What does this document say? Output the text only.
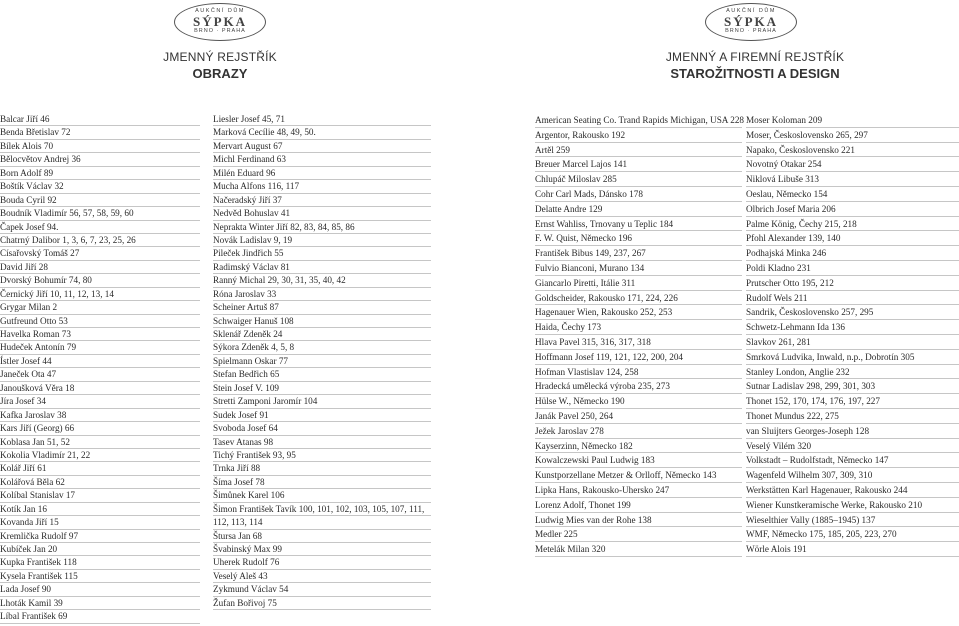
AUKČNÍ DŮM
SÝPKA
BRNO · PRAHA
AUKČNÍ DŮM
SÝPKA
BRNO · PRAHA
JMENNÝ REJSTŘÍK
OBRAZY
JMENNÝ A FIREMNÍ REJSTŘÍK
STAROŽITNOSTI A DESIGN
Balcar Jiří 46
Benda Břetislav 72
Bílek Alois 70
Bělocvětov Andrej 36
Born Adolf 89
Boštík Václav 32
Bouda Cyril 92
Boudník Vladimír 56, 57, 58, 59, 60
Čapek Josef 94.
Chatrný Dalibor 1, 3, 6, 7, 23, 25, 26
Císařovský Tomáš 27
David Jiří 28
Dvorský Bohumír 74, 80
Černický Jiří 10, 11, 12, 13, 14
Grygar Milan 2
Gutfreund Otto 53
Havelka Roman 73
Hudeček Antonín 79
Ístler Josef 44
Janeček Ota 47
Janoušková Věra 18
Jíra Josef 34
Kafka Jaroslav 38
Kars Jiří (Georg) 66
Koblasa Jan 51, 52
Kokolia Vladimír 21, 22
Kolář Jiří 61
Kolářová Běla 62
Kolíbal Stanislav 17
Kotík Jan 16
Kovanda Jiří 15
Kremlička Rudolf 97
Kubíček Jan 20
Kupka František 118
Kysela František 115
Lada Josef 90
Lhoták Kamil 39
Líbal František 69
Liesler Josef 45, 71
Marková Cecílie 48, 49, 50.
Mervart August 67
Michl Ferdinand 63
Milén Eduard 96
Mucha Alfons 116, 117
Načeradský Jiří 37
Nedvěd Bohuslav 41
Neprakta Winter Jiří 82, 83, 84, 85, 86
Novák Ladislav 9, 19
Pileček Jindřich 55
Radimský Václav 81
Ranný Michal 29, 30, 31, 35, 40, 42
Róna Jaroslav 33
Scheiner Artuš 87
Schwaiger Hanuš 108
Sklenář Zdeněk 24
Sýkora Zdeněk 4, 5, 8
Spielmann Oskar 77
Stefan Bedřich 65
Stein Josef V. 109
Stretti Zamponi Jaromír 104
Sudek Josef 91
Svoboda Josef 64
Tasev Atanas 98
Tichý František 93, 95
Trnka Jiří 88
Šíma Josef 78
Šimůnek Karel 106
Šimon František Tavík 100, 101, 102, 103, 105, 107, 111,
112, 113, 114
Štursa Jan 68
Švabinský Max 99
Uherek Rudolf 76
Veselý Aleš 43
Zykmund Václav 54
Žufan Bořivoj 75
American Seating Co. Trand Rapids Michigan, USA 228
Argentor, Rakousko 192
Artěl 259
Breuer Marcel Lajos 141
Chlupáč Miloslav 285
Cohr Carl Mads, Dánsko 178
Delatte Andre 129
Ernst Wahliss, Trnovany u Teplic 184
F. W. Quist, Německo 196
František Bibus 149, 237, 267
Fulvio Bianconi, Murano 134
Giancarlo Piretti, Itálie 311
Goldscheider, Rakousko 171, 224, 226
Hagenauer Wien, Rakousko 252, 253
Haida, Čechy 173
Hlava Pavel 315, 316, 317, 318
Hoffmann Josef 119, 121, 122, 200, 204
Hofman Vlastislav 124, 258
Hradecká umělecká výroba 235, 273
Hülse W., Německo 190
Janák Pavel 250, 264
Ježek Jaroslav 278
Kayserzinn, Německo 182
Kowalczewski Paul Ludwig 183
Kunstporzellane Metzer & Orlloff, Německo 143
Lipka Hans, Rakousko-Uhersko 247
Lorenz Adolf, Thonet 199
Ludwig Mies van der Rohe 138
Medler 225
Metelák Milan 320
Moser Koloman 209
Moser, Československo 265, 297
Napako, Československo 221
Novotný Otakar 254
Niklová Libuše 313
Oeslau, Německo 154
Olbrich Josef Maria 206
Palme König, Čechy 215, 218
Pfohl Alexander 139, 140
Podhajská Minka 246
Poldi Kladno 231
Prutscher Otto 195, 212
Rudolf Wels 211
Sandrik, Československo 257, 295
Schwetz-Lehmann Ida 136
Slavkov 261, 281
Smrková Ludvika, Inwald, n.p., Dobrotín 305
Stanley London, Anglie 232
Sutnar Ladislav 298, 299, 301, 303
Thonet 152, 170, 174, 176, 197, 227
Thonet Mundus 222, 275
van Sluijters Georges-Joseph 128
Veselý Vilém 320
Volkstadt – Rudolfstadt, Německo 147
Wagenfeld Wilhelm 307, 309, 310
Werkstätten Karl Hagenauer, Rakousko 244
Wiener Kunstkeramische Werke, Rakousko 210
Wieselthier Vally (1885–1945) 137
WMF, Německo 175, 185, 205, 223, 270
Wörle Alois 191
